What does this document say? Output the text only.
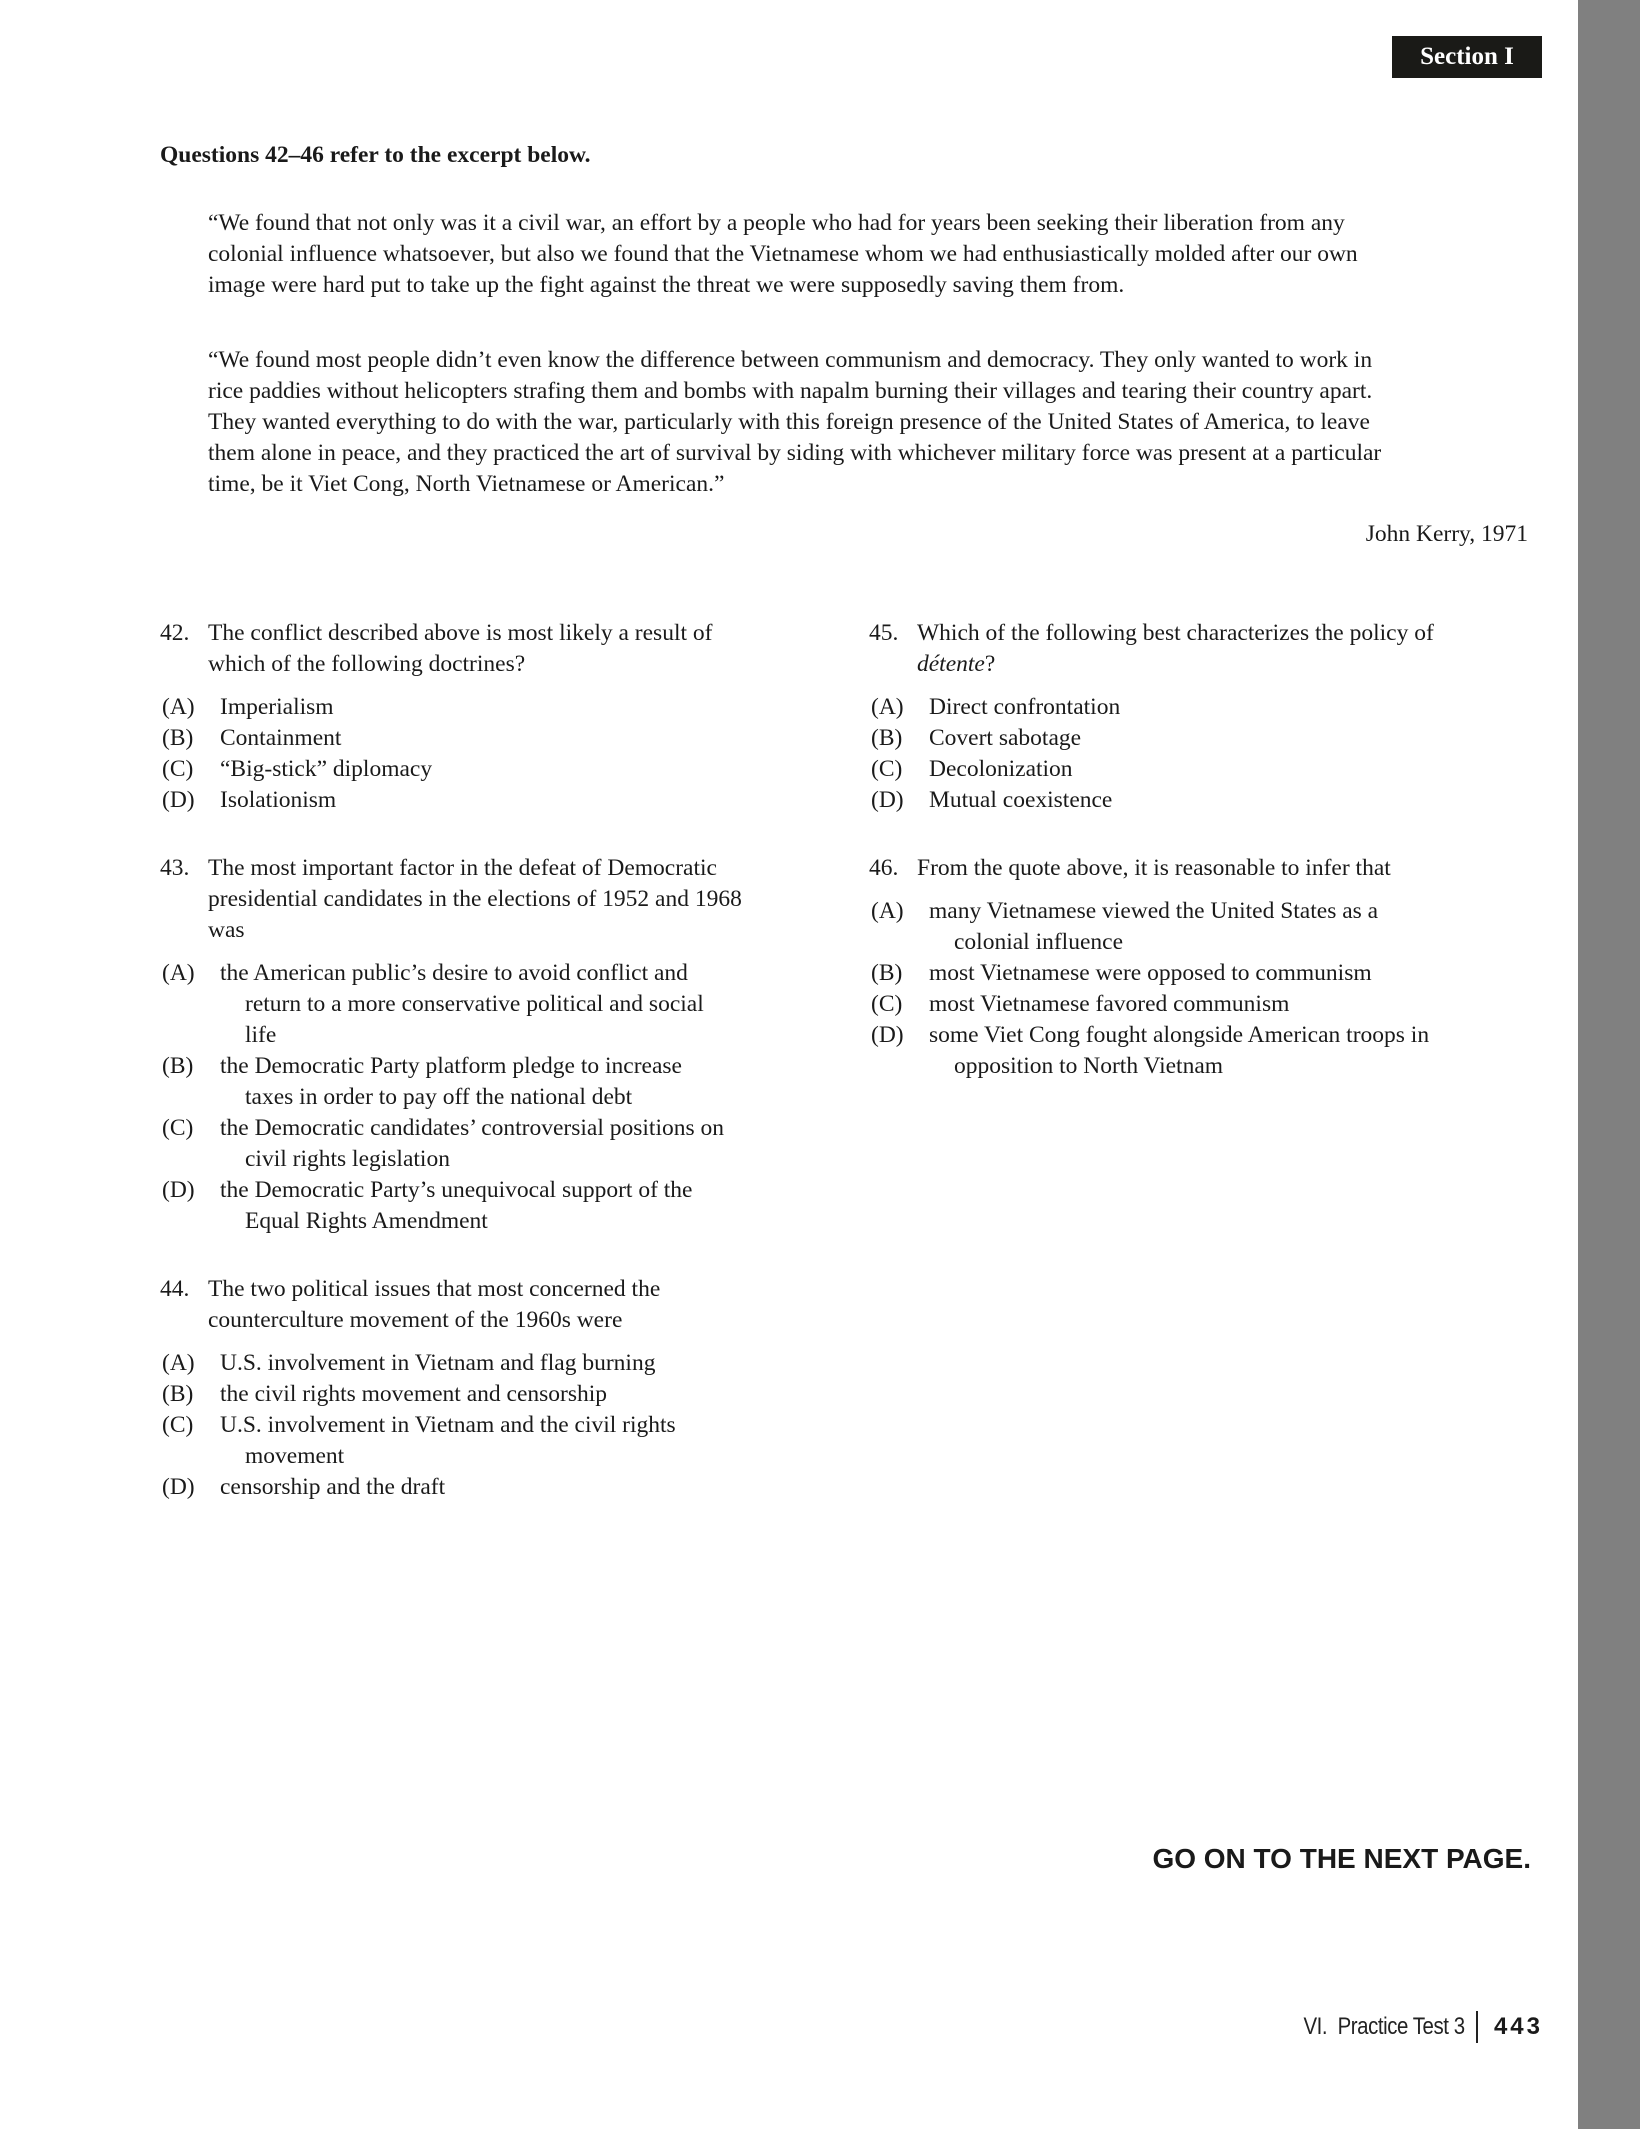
Section I
Questions 42–46 refer to the excerpt below.
“We found that not only was it a civil war, an effort by a people who had for years been seeking their liberation from any
colonial influence whatsoever, but also we found that the Vietnamese whom we had enthusiastically molded after our own
image were hard put to take up the fight against the threat we were supposedly saving them from.
“We found most people didn’t even know the difference between communism and democracy. They only wanted to work in
rice paddies without helicopters strafing them and bombs with napalm burning their villages and tearing their country apart.
They wanted everything to do with the war, particularly with this foreign presence of the United States of America, to leave
them alone in peace, and they practiced the art of survival by siding with whichever military force was present at a particular
time, be it Viet Cong, North Vietnamese or American.”
John Kerry, 1971
42. The conflict described above is most likely a result of
which of the following doctrines?
(A) Imperialism
(B) Containment
(C) “Big-stick” diplomacy
(D) Isolationism
43. The most important factor in the defeat of Democratic
presidential candidates in the elections of 1952 and 1968
was
(A) the American public’s desire to avoid conflict and
return to a more conservative political and social
life
(B) the Democratic Party platform pledge to increase
taxes in order to pay off the national debt
(C) the Democratic candidates’ controversial positions on
civil rights legislation
(D) the Democratic Party’s unequivocal support of the
Equal Rights Amendment
44. The two political issues that most concerned the
counterculture movement of the 1960s were
(A) U.S. involvement in Vietnam and flag burning
(B) the civil rights movement and censorship
(C) U.S. involvement in Vietnam and the civil rights
movement
(D) censorship and the draft
45. Which of the following best characterizes the policy of
détente?
(A) Direct confrontation
(B) Covert sabotage
(C) Decolonization
(D) Mutual coexistence
46. From the quote above, it is reasonable to infer that
(A) many Vietnamese viewed the United States as a
colonial influence
(B) most Vietnamese were opposed to communism
(C) most Vietnamese favored communism
(D) some Viet Cong fought alongside American troops in
opposition to North Vietnam
GO ON TO THE NEXT PAGE.
VI.  Practice Test 3 443
